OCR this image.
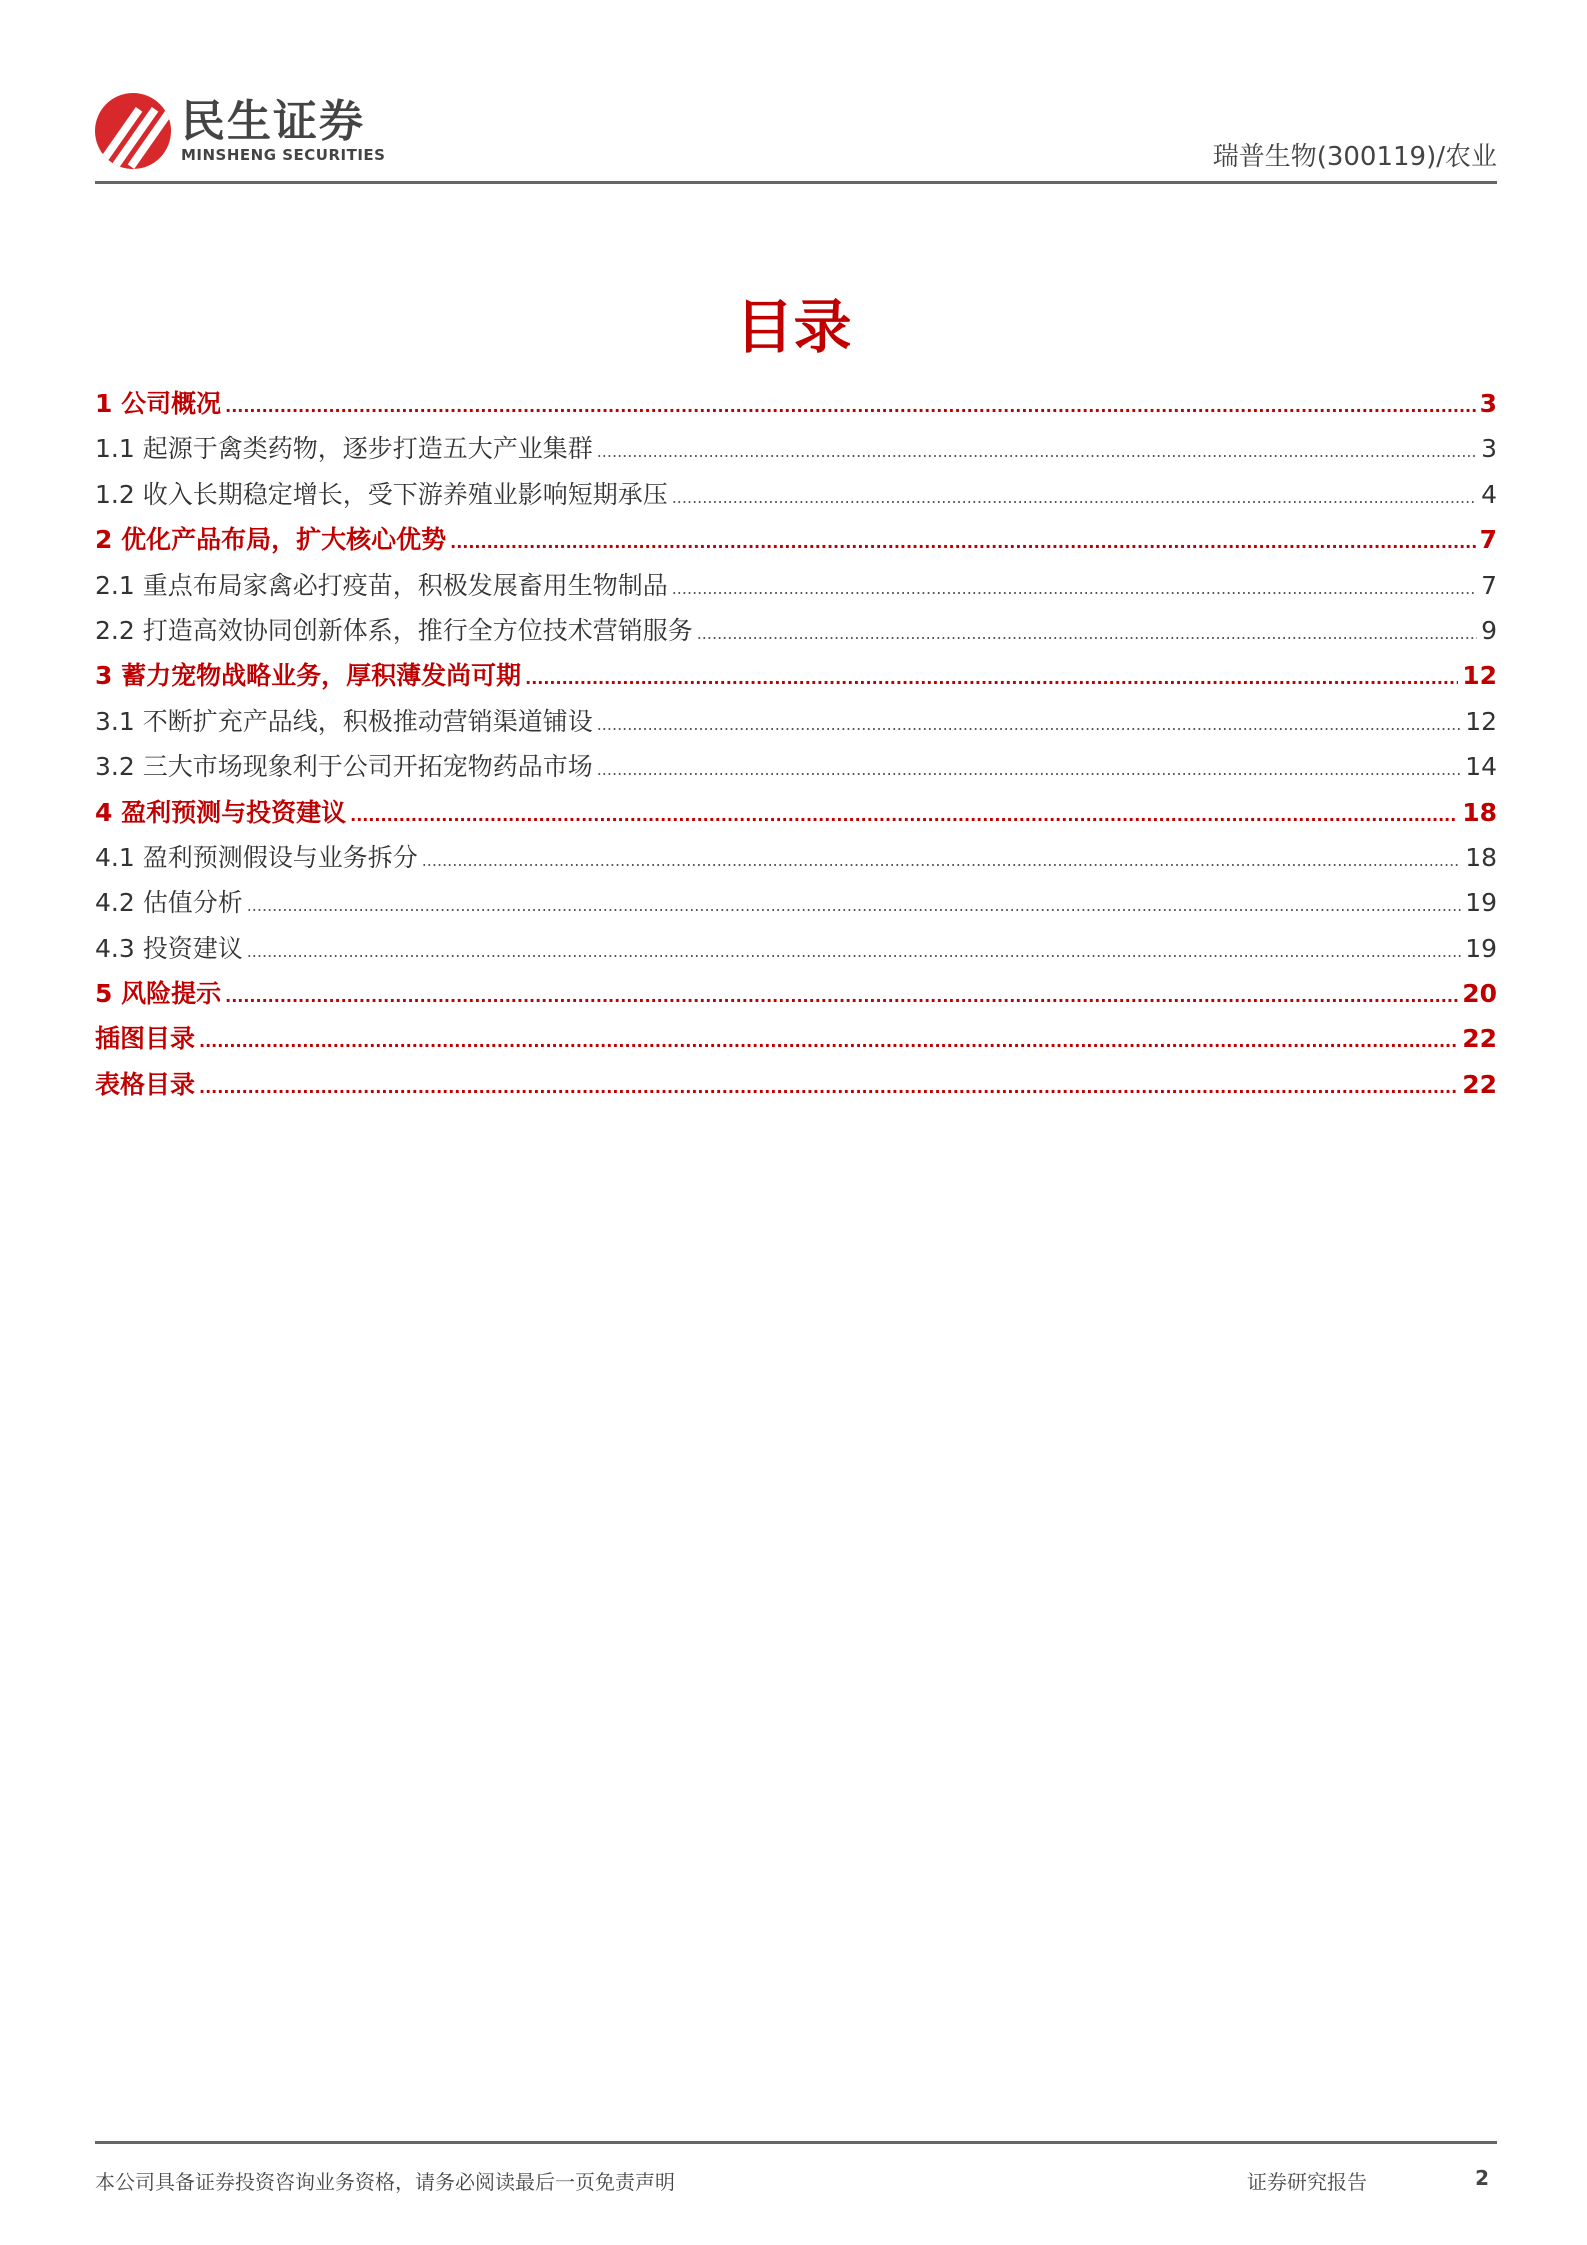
民生证券
MINSHENG SECURITIES	瑞普生物(300119)/农业
目录
1 公司概况 .....	3
1.1 起源于禽类药物，逐步打造五大产业集群 .....	3
1.2 收入长期稳定增长，受下游养殖业影响短期承压 .....	4
2 优化产品布局，扩大核心优势 .....	7
2.1 重点布局家禽必打疫苗，积极发展畜用生物制品 .....	7
2.2 打造高效协同创新体系，推行全方位技术营销服务 .....	9
3 蓄力宠物战略业务，厚积薄发尚可期 .....	12
3.1 不断扩充产品线，积极推动营销渠道铺设 .....	12
3.2 三大市场现象利于公司开拓宠物药品市场 .....	14
4 盈利预测与投资建议 .....	18
4.1 盈利预测假设与业务拆分 .....	18
4.2 估值分析 .....	19
4.3 投资建议 .....	19
5 风险提示 .....	20
插图目录 .....	22
表格目录 .....	22
本公司具备证券投资咨询业务资格，请务必阅读最后一页免责声明	证券研究报告	2
